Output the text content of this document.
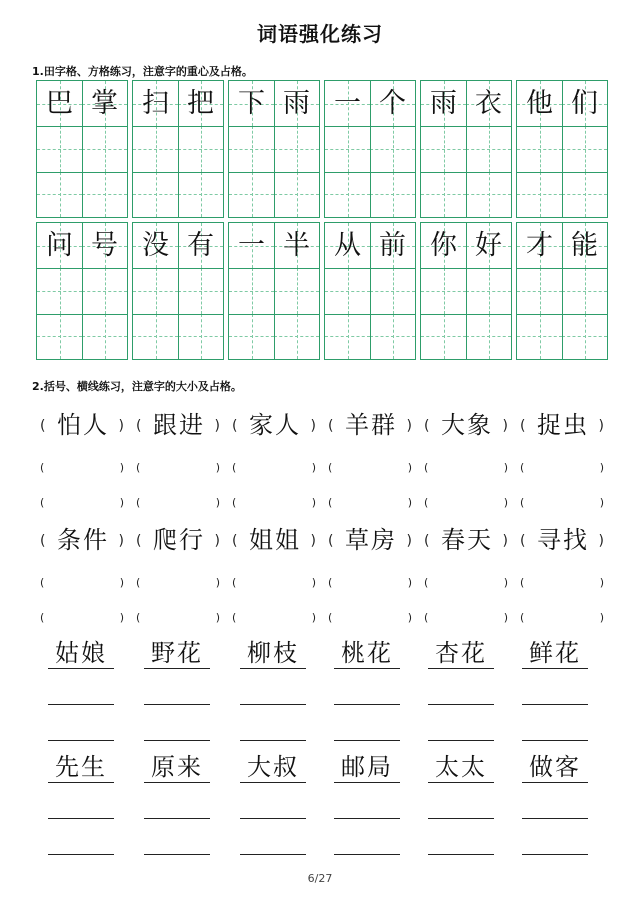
词语强化练习
1.田字格、方格练习，注意字的重心及占格。
巴 掌 扫 把 下 雨 一 个 雨 衣 他 们
问 号 没 有 一 半 从 前 你 好 才 能
2.括号、横线练习，注意字的大小及占格。
( 怕人 ) ( 跟进 ) ( 家人 ) ( 羊群 ) ( 大象 ) ( 捉虫 )
(	) (	) (	) (	) (	) (	)
(	) (	) (	) (	) (	) (	)
( 条件 ) ( 爬行 ) ( 姐姐 ) ( 草房 ) ( 春天 ) ( 寻找 )
(	) (	) (	) (	) (	) (	)
(	) (	) (	) (	) (	) (	)
姑娘 野花 柳枝 桃花 杏花 鲜花
先生 原来 大叔 邮局 太太 做客
6/27
